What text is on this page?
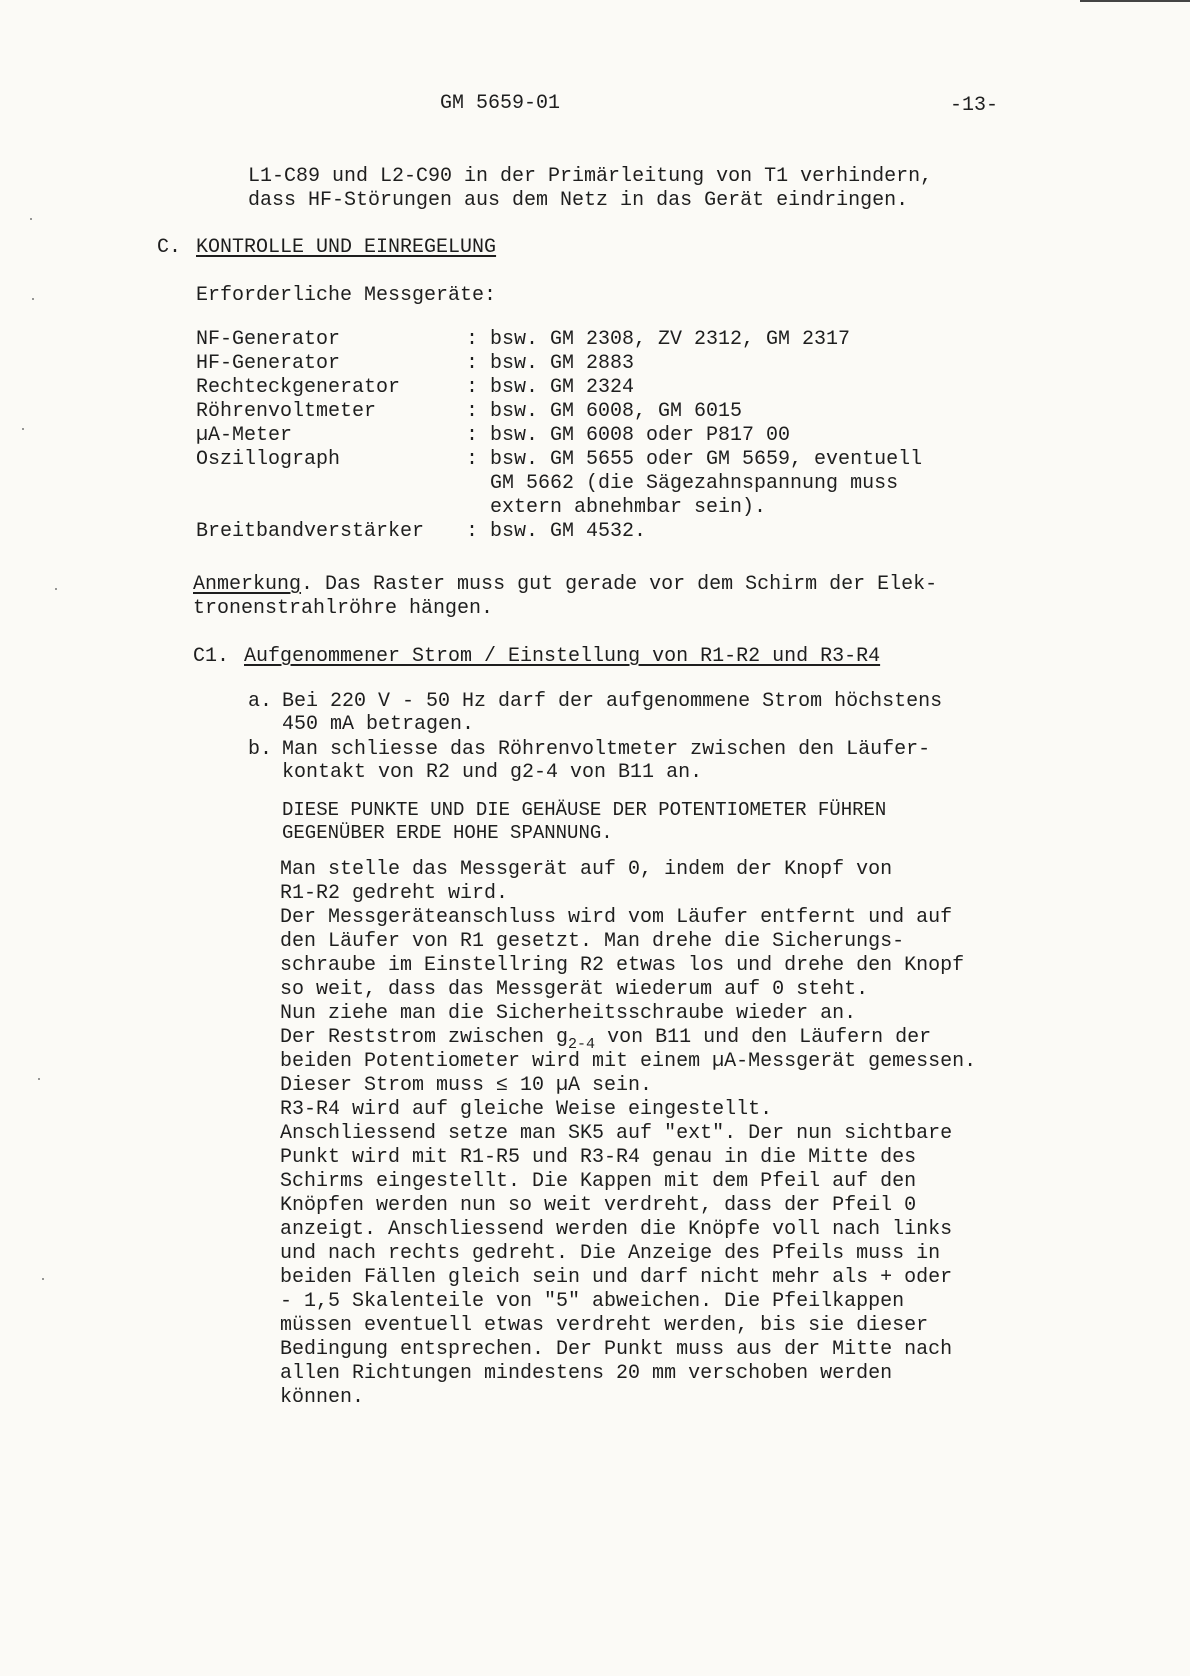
GM 5659-01	-13-
L1-C89 und L2-C90 in der Primärleitung von T1 verhindern,
dass HF-Störungen aus dem Netz in das Gerät eindringen.
C. KONTROLLE UND EINREGELUNG
Erforderliche Messgeräte:
NF-Generator	: bsw. GM 2308, ZV 2312, GM 2317
HF-Generator	: bsw. GM 2883
Rechteckgenerator	: bsw. GM 2324
Röhrenvoltmeter	: bsw. GM 6008, GM 6015
µA-Meter	: bsw. GM 6008 oder P817 00
Oszillograph	: bsw. GM 5655 oder GM 5659, eventuell
GM 5662 (die Sägezahnspannung muss
extern abnehmbar sein).
Breitbandverstärker : bsw. GM 4532.
Anmerkung. Das Raster muss gut gerade vor dem Schirm der Elek-
tronenstrahlröhre hängen.
C1. Aufgenommener Strom / Einstellung von R1-R2 und R3-R4
a. Bei 220 V - 50 Hz darf der aufgenommene Strom höchstens
450 mA betragen.
b. Man schliesse das Röhrenvoltmeter zwischen den Läufer-
kontakt von R2 und g2-4 von B11 an.
DIESE PUNKTE UND DIE GEHÄUSE DER POTENTIOMETER FÜHREN
GEGENÜBER ERDE HOHE SPANNUNG.
Man stelle das Messgerät auf 0, indem der Knopf von
R1-R2 gedreht wird.
Der Messgeräteanschluss wird vom Läufer entfernt und auf
den Läufer von R1 gesetzt. Man drehe die Sicherungs-
schraube im Einstellring R2 etwas los und drehe den Knopf
so weit, dass das Messgerät wiederum auf 0 steht.
Nun ziehe man die Sicherheitsschraube wieder an.
Der Reststrom zwischen $g_{2-4}$ von B11 und den Läufern der
beiden Potentiometer wird mit einem µA-Messgerät gemessen.
Dieser Strom muss ≤ 10 µA sein.
R3-R4 wird auf gleiche Weise eingestellt.
Anschliessend setze man SK5 auf "ext". Der nun sichtbare
Punkt wird mit R1-R5 und R3-R4 genau in die Mitte des
Schirms eingestellt. Die Kappen mit dem Pfeil auf den
Knöpfen werden nun so weit verdreht, dass der Pfeil 0
anzeigt. Anschliessend werden die Knöpfe voll nach links
und nach rechts gedreht. Die Anzeige des Pfeils muss in
beiden Fällen gleich sein und darf nicht mehr als + oder
- 1,5 Skalenteile von "5" abweichen. Die Pfeilkappen
müssen eventuell etwas verdreht werden, bis sie dieser
Bedingung entsprechen. Der Punkt muss aus der Mitte nach
allen Richtungen mindestens 20 mm verschoben werden
können.
